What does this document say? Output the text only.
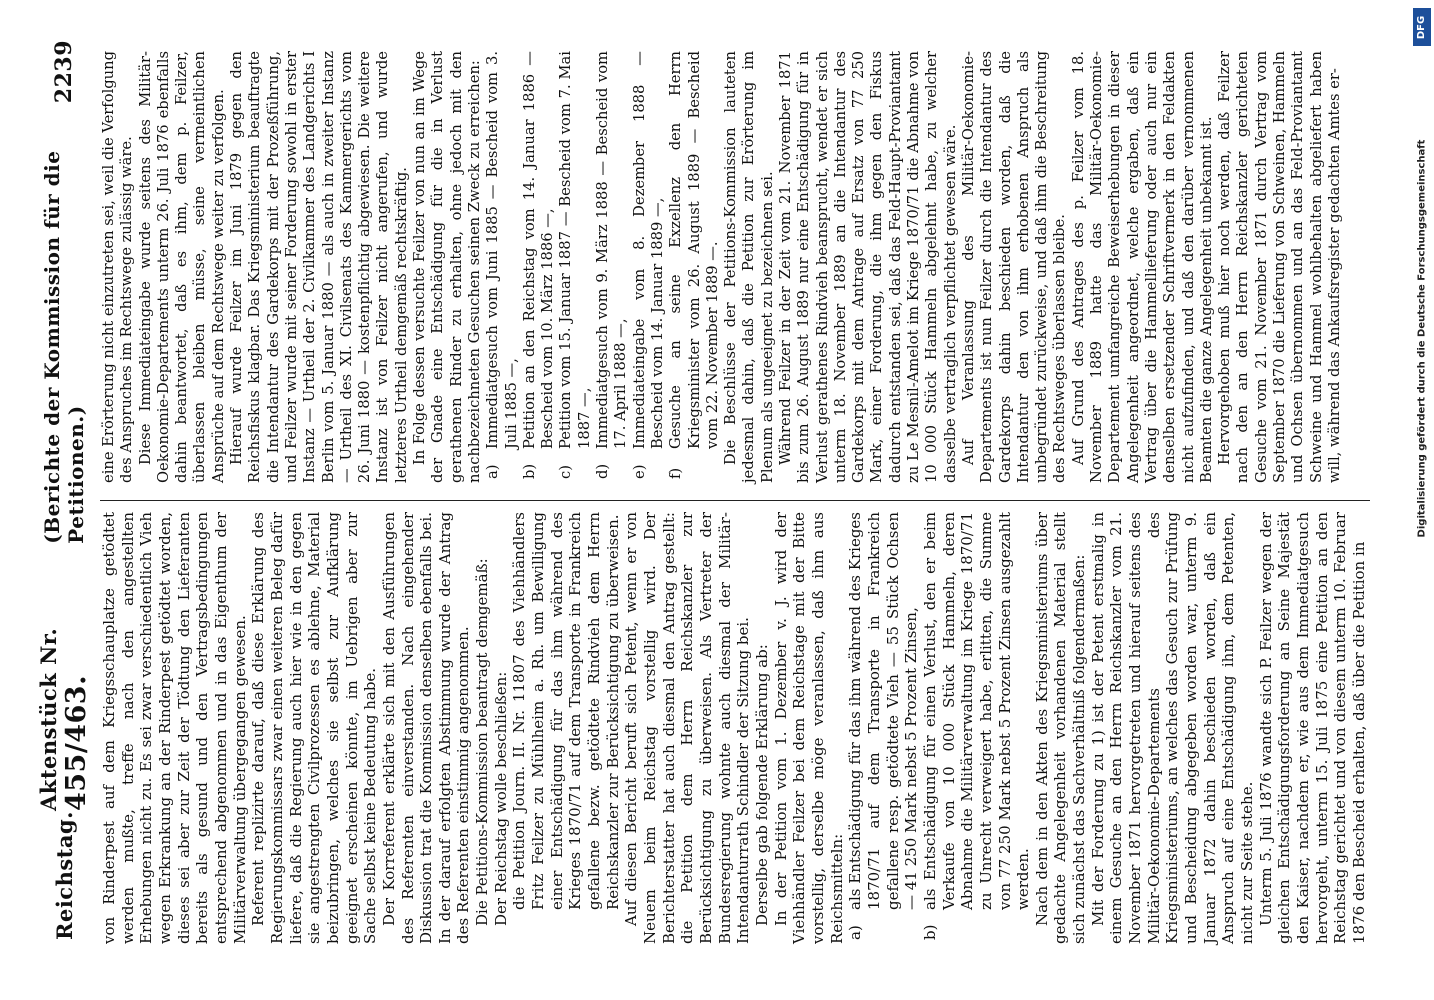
Reichstag.
Aktenstück Nr. 455/463.
(Berichte der Kommission für die Petitionen.)
2239

von Rinderpest auf dem Kriegsschauplatze getödtet werden mußte, treffe nach den angestellten Erhebungen nicht zu. Es sei zwar verschiedentlich Vieh wegen Erkrankung an der Rinderpest getödtet worden, dieses sei aber zur Zeit der Tödtung den Lieferanten bereits als gesund und den Vertragsbedingungen entsprechend abgenommen und in das Eigenthum der Militärverwaltung übergegangen gewesen. Referent replizirte darauf, daß diese Erklärung des Regierungskommissars zwar einen weiteren Beleg dafür liefere, daß die Regierung auch hier wie in den gegen sie angestrengten Civilprozessen es ablehne, Material beizubringen, welches sie selbst zur Aufklärung geeignet erscheinen könnte, im Uebrigen aber zur Sache selbst keine Bedeutung habe. Der Korreferent erklärte sich mit den Ausführungen des Referenten einverstanden. Nach eingehender Diskussion trat die Kommission denselben ebenfalls bei. In der darauf erfolgten Abstimmung wurde der Antrag des Referenten einstimmig angenommen. Die Petitions-Kommission beantragt demgemäß: Der Reichstag wolle beschließen: die Petition Journ. II. Nr. 11807 des Viehhändlers Fritz Feilzer zu Mühlheim a. Rh. um Bewilligung einer Entschädigung für das ihm während des Krieges 1870/71 auf dem Transporte in Frankreich gefallene bezw. getödtete Rindvieh dem Herrn Reichskanzler zur Berücksichtigung zu überweisen. Auf diesen Bericht beruft sich Petent, wenn er von Neuem beim Reichstag vorstellig wird. Der Berichterstatter hat auch diesmal den Antrag gestellt: die Petition dem Herrn Reichskanzler zur Berücksichtigung zu überweisen. Als Vertreter der Bundesregierung wohnte auch diesmal der Militär-Intendanturrath Schindler der Sitzung bei. Derselbe gab folgende Erklärung ab: In der Petition vom 1. Dezember v. J. wird der Viehhändler Feilzer bei dem Reichstage mit der Bitte vorstellig, derselbe möge veranlassen, daß ihm aus Reichsmitteln: a)als Entschädigung für das ihm während des Krieges 1870/71 auf dem Transporte in Frankreich gefallene resp. getödtete Vieh — 55 Stück Ochsen — 41 250 Mark nebst 5 Prozent Zinsen,

b)als Entschädigung für einen Verlust, den er beim Verkaufe von 10 000 Stück Hammeln, deren Abnahme die Militärverwaltung im Kriege 1870/71 zu Unrecht verweigert habe, erlitten, die Summe von 77 250 Mark nebst 5 Prozent Zinsen ausgezahlt werden. Nach dem in den Akten des Kriegsministeriums über gedachte Angelegenheit vorhandenen Material stellt sich zunächst das Sachverhältniß folgendermaßen: Mit der Forderung zu 1) ist der Petent erstmalig in einem Gesuche an den Herrn Reichskanzler vom 21. November 1871 hervorgetreten und hierauf seitens des Militär-Oekonomie-Departements des Kriegsministeriums, an welches das Gesuch zur Prüfung und Bescheidung abgegeben worden war, unterm 9. Januar 1872 dahin beschieden worden, daß ein Anspruch auf eine Entschädigung ihm, dem Petenten, nicht zur Seite stehe. Unterm 5. Juli 1876 wandte sich P. Feilzer wegen der gleichen Entschädigungsforderung an Seine Majestät den Kaiser, nachdem er, wie aus dem Immediatgesuch hervorgeht, unterm 15. Juli 1875 eine Petition an den Reichstag gerichtet und von diesem unterm 10. Februar 1876 den Bescheid erhalten, daß über die Petition in

eine Erörterung nicht einzutreten sei, weil die Verfolgung des Anspruches im Rechtswege zulässig wäre. Diese Immediateingabe wurde seitens des Militär-Oekonomie-Departements unterm 26. Juli 1876 ebenfalls dahin beantwortet, daß es ihm, dem p. Feilzer, überlassen bleiben müsse, seine vermeintlichen Ansprüche auf dem Rechtswege weiter zu verfolgen. Hierauf wurde Feilzer im Juni 1879 gegen den Reichsfiskus klagbar. Das Kriegsministerium beauftragte die Intendantur des Gardekorps mit der Prozeßführung, und Feilzer wurde mit seiner Forderung sowohl in erster Instanz — Urtheil der 2. Civilkammer des Landgerichts I Berlin vom 5. Januar 1880 — als auch in zweiter Instanz — Urtheil des XI. Civilsenats des Kammergerichts vom 26. Juni 1880 — kostenpflichtig abgewiesen. Die weitere Instanz ist von Feilzer nicht angerufen, und wurde letzteres Urtheil demgemäß rechtskräftig. In Folge dessen versuchte Feilzer von nun an im Wege der Gnade eine Entschädigung für die in Verlust gerathenen Rinder zu erhalten, ohne jedoch mit den nachbezeichneten Gesuchen seinen Zweck zu erreichen: a)Immediatgesuch vom Juni 1885 — Bescheid vom 3. Juli 1885 —,

b)Petition an den Reichstag vom 14. Januar 1886 — Bescheid vom 10. März 1886 —,

c)Petition vom 15. Januar 1887 — Bescheid vom 7. Mai 1887 —,

d)Immediatgesuch vom 9. März 1888 — Bescheid vom 17. April 1888 —,

e)Immediateingabe vom 8. Dezember 1888 — Bescheid vom 14. Januar 1889 —,

f)Gesuche an seine Exzellenz den Herrn Kriegsminister vom 26. August 1889 — Bescheid vom 22. November 1889 —. Die Beschlüsse der Petitions-Kommission lauteten jedesmal dahin, daß die Petition zur Erörterung im Plenum als ungeeignet zu bezeichnen sei. Während Feilzer in der Zeit vom 21. November 1871 bis zum 26. August 1889 nur eine Entschädigung für in Verlust gerathenes Rindvieh beansprucht, wendet er sich unterm 18. November 1889 an die Intendantur des Gardekorps mit dem Antrage auf Ersatz von 77 250 Mark, einer Forderung, die ihm gegen den Fiskus dadurch entstanden sei, daß das Feld-Haupt-Proviantamt zu Le Mesnil-Amelot im Kriege 1870/71 die Abnahme von 10 000 Stück Hammeln abgelehnt habe, zu welcher dasselbe vertraglich verpflichtet gewesen wäre. Auf Veranlassung des Militär-Oekonomie-Departements ist nun Feilzer durch die Intendantur des Gardekorps dahin beschieden worden, daß die Intendantur den von ihm erhobenen Anspruch als unbegründet zurückweise, und daß ihm die Beschreitung des Rechtsweges überlassen bleibe. Auf Grund des Antrages des p. Feilzer vom 18. November 1889 hatte das Militär-Oekonomie-Departement umfangreiche Beweiserhebungen in dieser Angelegenheit angeordnet, welche ergaben, daß ein Vertrag über die Hammellieferung oder auch nur ein denselben ersetzender Schriftvermerk in den Feldakten nicht aufzufinden, und daß den darüber vernommenen Beamten die ganze Angelegenheit unbekannt ist. Hervorgehoben muß hier noch werden, daß Feilzer nach den an den Herrn Reichskanzler gerichteten Gesuche vom 21. November 1871 durch Vertrag vom September 1870 die Lieferung von Schweinen, Hammeln und Ochsen übernommen und an das Feld-Proviantamt Schweine und Hammel wohlbehalten abgeliefert haben will, während das Ankaufsregister gedachten Amtes er-

DFG
Digitalisierung gefördert durch die Deutsche Forschungsgemeinschaft
